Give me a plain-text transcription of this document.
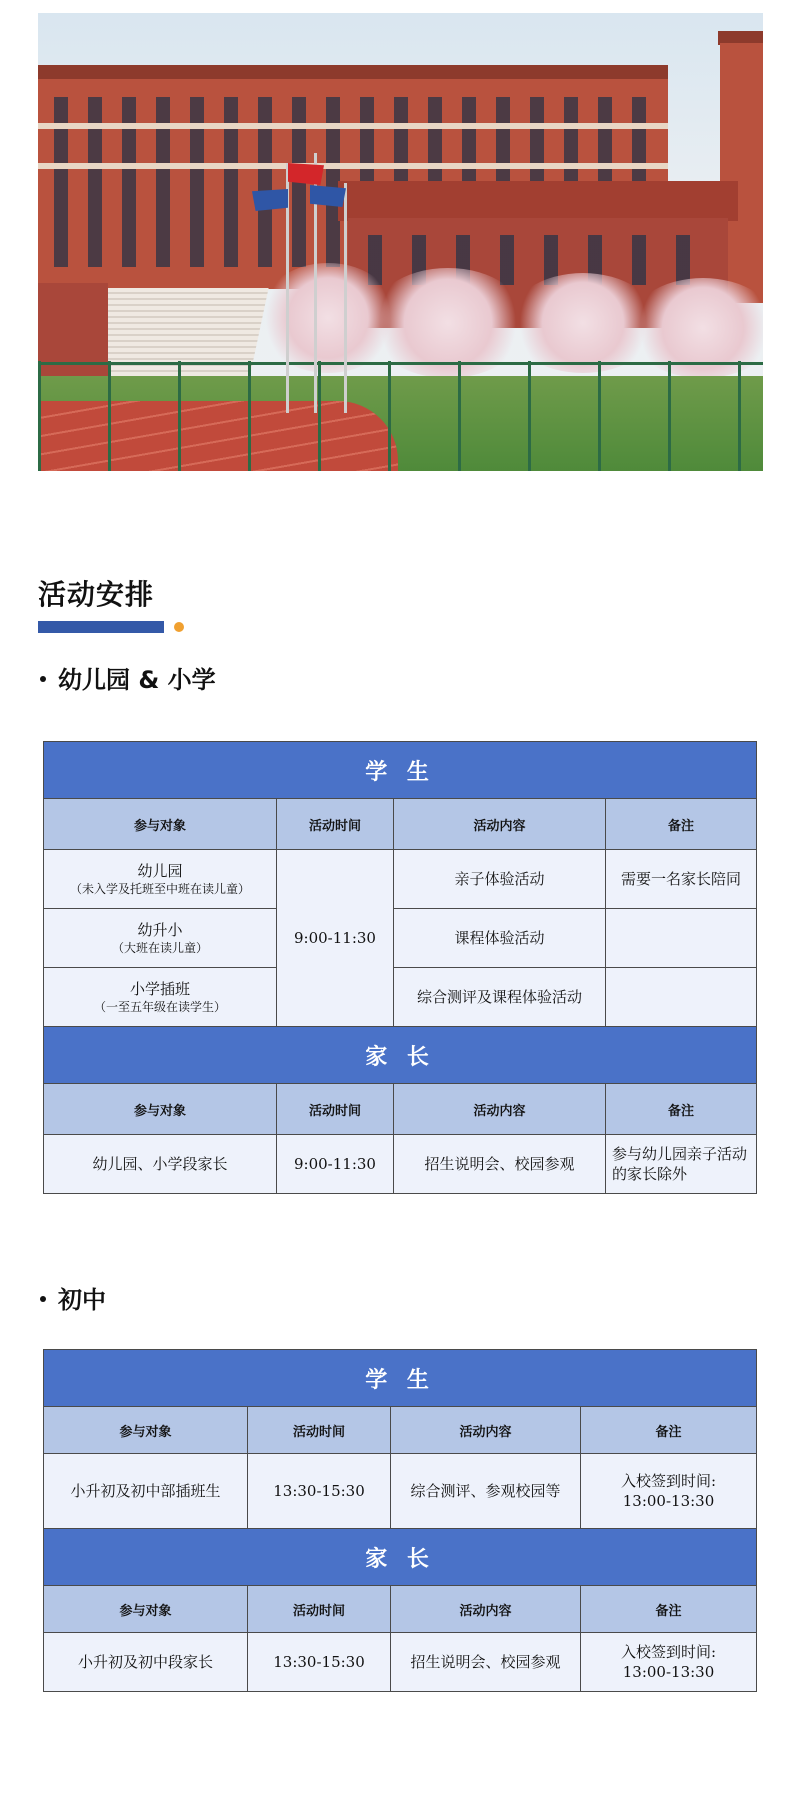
活动安排
幼儿园 & 小学
学 生			
参与对象	活动时间	活动内容	备注
幼儿园
（未入学及托班至中班在读儿童）	9:00-11:30	亲子体验活动	需要一名家长陪同
幼升小
（大班在读儿童）		课程体验活动	
小学插班
（一至五年级在读学生）		综合测评及课程体验活动	
家 长			
参与对象	活动时间	活动内容	备注
幼儿园、小学段家长	9:00-11:30	招生说明会、校园参观	参与幼儿园亲子活动的家长除外
初中
学 生			
参与对象	活动时间	活动内容	备注
小升初及初中部插班生	13:30-15:30	综合测评、参观校园等	入校签到时间:
13:00-13:30

家 长			
参与对象	活动时间	活动内容	备注
小升初及初中段家长	13:30-15:30	招生说明会、校园参观	入校签到时间:
13:00-13:30
